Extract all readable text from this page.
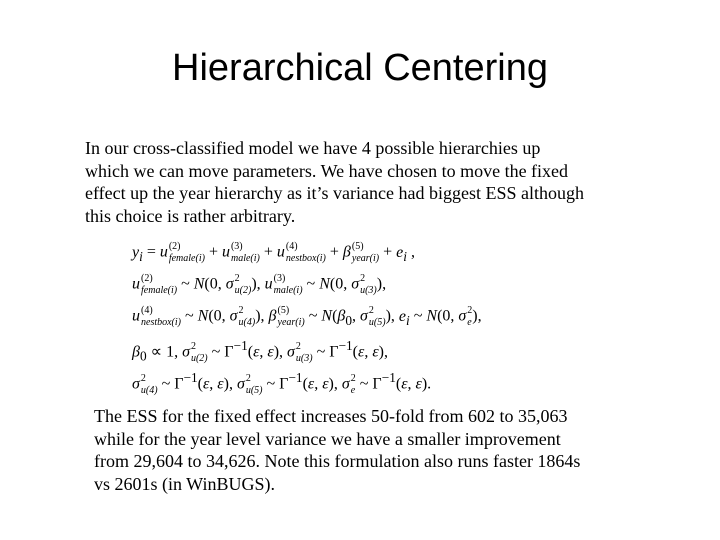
Hierarchical Centering

In our cross-classified model we have 4 possible hierarchies up which we can move parameters. We have chosen to move the fixed effect up the year hierarchy as it’s variance had biggest ESS although this choice is rather arbitrary.

$y_i = u$ (2)
female(i) + u (3)
male(i) + u (4)
nestbox(i) + β (5)
year(i) + $e_i$ ,
u (2)
female(i) ~ N(0, σ 2
u(2) ), u (3)
male(i) ~ N(0, σ 2
u(3) ),
u (4)
nestbox(i) ~ N(0, σ 2
u(4) ), β (5)
year(i) ~ $N(\beta_0$, σ 2
u(5) ), $e_i$ ~ N(0, σ 2
e ),
$\beta_0 \propto 1$, σ 2
u(2) ~ $\Gamma^{-1}(\varepsilon$, ε), σ 2
u(3) ~ $\Gamma^{-1}(\varepsilon$, ε),
σ 2
u(4) ~ $\Gamma^{-1}(\varepsilon$, ε), σ 2
u(5) ~ $\Gamma^{-1}(\varepsilon$, ε), σ 2
e ~ $\Gamma^{-1}(\varepsilon$, ε).

The ESS for the fixed effect increases 50-fold from 602 to 35,063 while for the year level variance we have a smaller improvement from 29,604 to 34,626. Note this formulation also runs faster 1864s vs 2601s (in WinBUGS).
